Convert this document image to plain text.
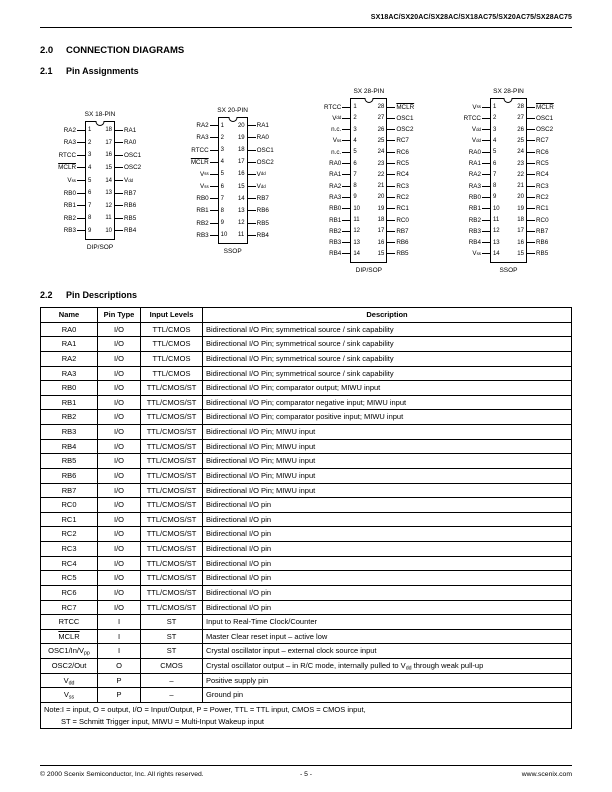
SX18AC/SX20AC/SX28AC/SX18AC75/SX20AC75/SX28AC75
2.0 CONNECTION DIAGRAMS
2.1 Pin Assignments
SX 18-PIN
RA2
RA3
RTCC
MCLR
V ss
RB0
RB1
RB2
RB3
1
2
3
4
5
6
7
8
9
18
17
16
15
14
13
12
11
10
RA1
RA0
OSC1
OSC2
V dd
RB7
RB6
RB5
RB4
DIP/SOP
SX 20-PIN
RA2
RA3
RTCC
MCLR
V ss
V ss
RB0
RB1
RB2
RB3
1
2
3
4
5
6
7
8
9
10
20
19
18
17
16
15
14
13
12
11
RA1
RA0
OSC1
OSC2
V dd
V dd
RB7
RB6
RB5
RB4
SSOP
SX 28-PIN
RTCC
V dd
n.c.
V ss
n.c.
RA0
RA1
RA2
RA3
RB0
RB1
RB2
RB3
RB4
1
2
3
4
5
6
7
8
9
10
11
12
13
14
28
27
26
25
24
23
22
21
20
19
18
17
16
15
MCLR
OSC1
OSC2
RC7
RC6
RC5
RC4
RC3
RC2
RC1
RC0
RB7
RB6
RB5
DIP/SOP
SX 28-PIN
V ss
RTCC
V dd
V dd
RA0
RA1
RA2
RA3
RB0
RB1
RB2
RB3
RB4
V ss
1
2
3
4
5
6
7
8
9
10
11
12
13
14
28
27
26
25
24
23
22
21
20
19
18
17
16
15
MCLR
OSC1
OSC2
RC7
RC6
RC5
RC4
RC3
RC2
RC1
RC0
RB7
RB6
RB5
SSOP
2.2 Pin Descriptions
Name	Pin Type	Input Levels	Description
RA0	I/O	TTL/CMOS	Bidirectional I/O Pin; symmetrical source / sink capability
RA1	I/O	TTL/CMOS	Bidirectional I/O Pin; symmetrical source / sink capability
RA2	I/O	TTL/CMOS	Bidirectional I/O Pin; symmetrical source / sink capability
RA3	I/O	TTL/CMOS	Bidirectional I/O Pin; symmetrical source / sink capability
RB0	I/O	TTL/CMOS/ST	Bidirectional I/O Pin; comparator output; MIWU input
RB1	I/O	TTL/CMOS/ST	Bidirectional I/O Pin; comparator negative input; MIWU input
RB2	I/O	TTL/CMOS/ST	Bidirectional I/O Pin; comparator positive input; MIWU input
RB3	I/O	TTL/CMOS/ST	Bidirectional I/O Pin; MIWU input
RB4	I/O	TTL/CMOS/ST	Bidirectional I/O Pin; MIWU input
RB5	I/O	TTL/CMOS/ST	Bidirectional I/O Pin; MIWU input
RB6	I/O	TTL/CMOS/ST	Bidirectional I/O Pin; MIWU input
RB7	I/O	TTL/CMOS/ST	Bidirectional I/O Pin; MIWU input
RC0	I/O	TTL/CMOS/ST	Bidirectional I/O pin
RC1	I/O	TTL/CMOS/ST	Bidirectional I/O pin
RC2	I/O	TTL/CMOS/ST	Bidirectional I/O pin
RC3	I/O	TTL/CMOS/ST	Bidirectional I/O pin
RC4	I/O	TTL/CMOS/ST	Bidirectional I/O pin
RC5	I/O	TTL/CMOS/ST	Bidirectional I/O pin
RC6	I/O	TTL/CMOS/ST	Bidirectional I/O pin
RC7	I/O	TTL/CMOS/ST	Bidirectional I/O pin
RTCC	I	ST	Input to Real-Time Clock/Counter
MCLR	I	ST	Master Clear reset input – active low
$OSC1/In/V_{pp}$	I	ST	Crystal oscillator input – external clock source input
OSC2/Out	O	CMOS	Crystal oscillator output – in R/C mode, internally pulled to $V_{dd}$ through weak pull-up
$V_{dd}$	P	–	Positive supply pin
$V_{ss}$	P	–	Ground pin

Note:I = input, O = output, I/O = Input/Output, P = Power, TTL = TTL input, CMOS = CMOS input,
ST = Schmitt Trigger input, MIWU = Multi-Input Wakeup input			
© 2000 Scenix Semiconductor, Inc. All rights reserved.	- 5 -	www.scenix.com
